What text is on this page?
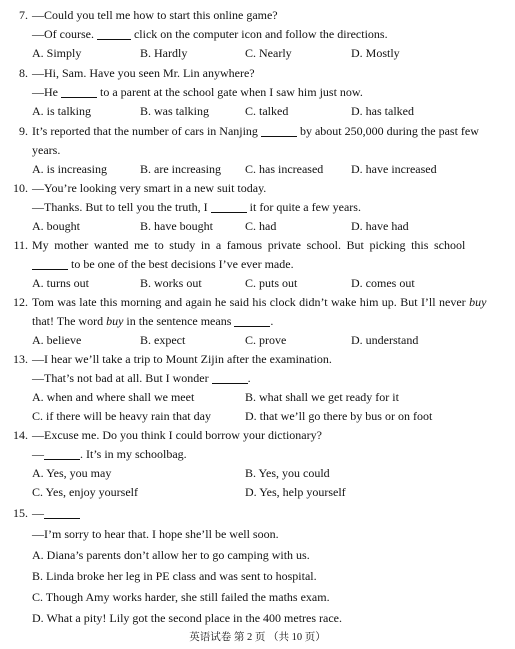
7. —Could you tell me how to start this online game?
—Of course.	click on the computer icon and follow the directions.
A. Simply	B. Hardly	C. Nearly	D. Mostly
8. —Hi, Sam. Have you seen Mr. Lin anywhere?
—He	to a parent at the school gate when I saw him just now.
A. is talking	B. was talking	C. talked	D. has talked
9. It’s reported that the number of cars in Nanjing	by about 250,000 during the past few
years.
A. is increasing	B. are increasing C. has increased D. have increased
10. —You’re looking very smart in a new suit today.
—Thanks. But to tell you the truth, I	it for quite a few years.
A. bought	B. have bought	C. had	D. have had
11. My mother wanted me to study in a famous private school. But picking this school
to be one of the best decisions I’ve ever made.
A. turns out	B. works out	C. puts out	D. comes out
12. Tom was late this morning and again he said his clock didn’t wake him up. But I’ll never buy
that! The word buy in the sentence means	.
A. believe	B. expect	C. prove	D. understand
13. —I hear we’ll take a trip to Mount Zijin after the examination.
—That’s not bad at all. But I wonder	.
A. when and where shall we meet	B. what shall we get ready for it
C. if there will be heavy rain that day	D. that we’ll go there by bus or on foot
14. —Excuse me. Do you think I could borrow your dictionary?
—	. It’s in my schoolbag.
A. Yes, you may	B. Yes, you could
C. Yes, enjoy yourself	D. Yes, help yourself
15. —
—I’m sorry to hear that. I hope she’ll be well soon.
A. Diana’s parents don’t allow her to go camping with us.
B. Linda broke her leg in PE class and was sent to hospital.
C. Though Amy works harder, she still failed the maths exam.
D. What a pity! Lily got the second place in the 400 metres race.
英语试卷 第 2 页 （共 10 页）
